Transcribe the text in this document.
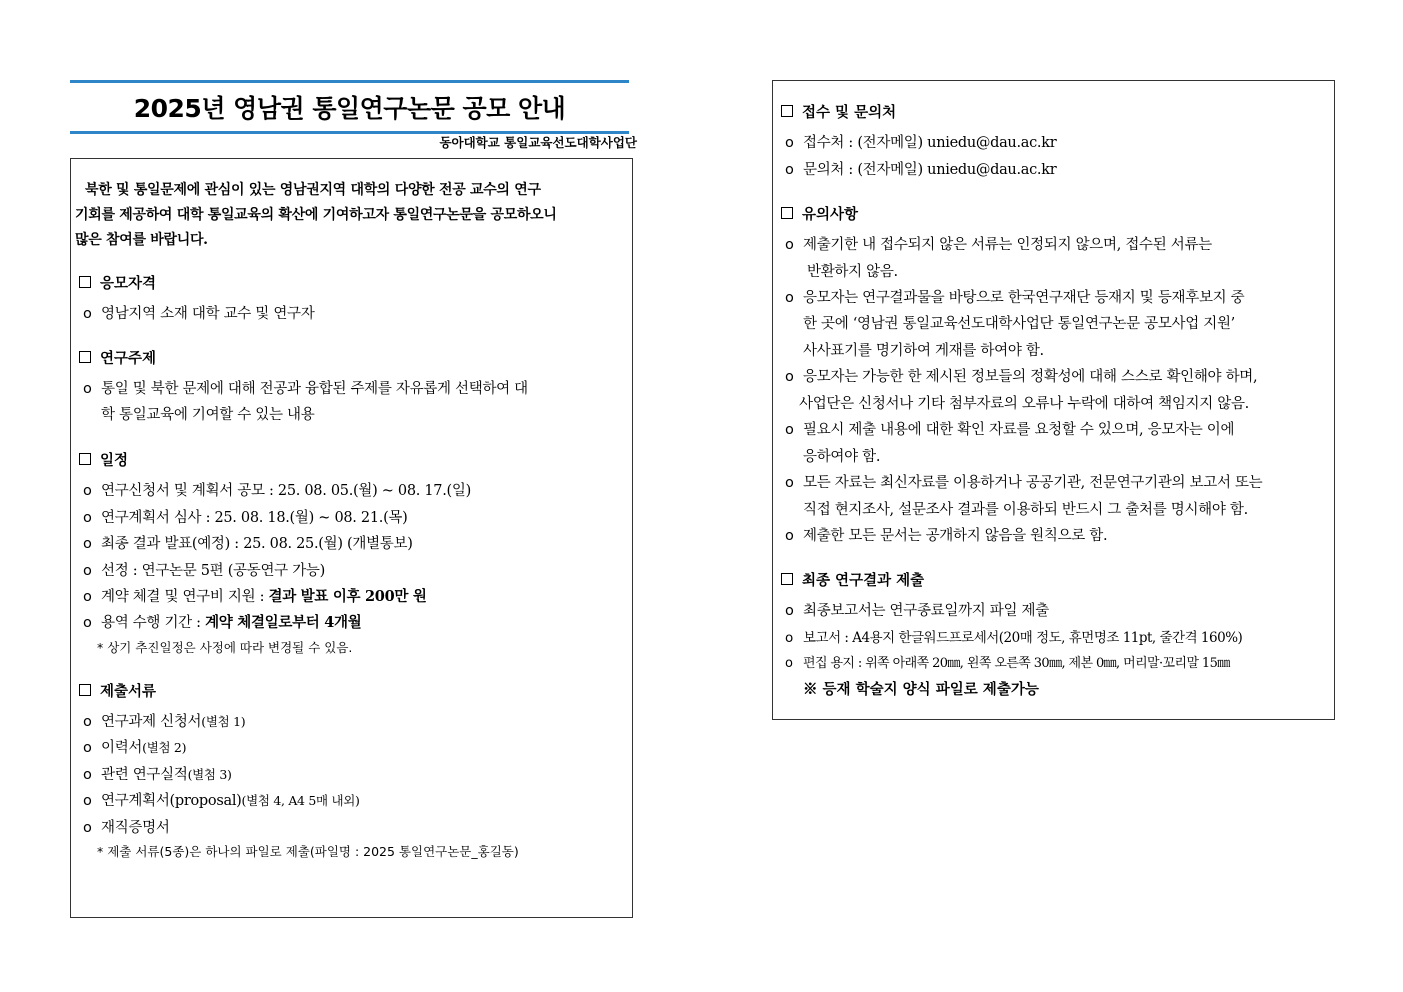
2025년 영남권 통일연구논문 공모 안내
동아대학교 통일교육선도대학사업단
북한 및 통일문제에 관심이 있는 영남권지역 대학의 다양한 전공 교수의 연구
기회를 제공하여 대학 통일교육의 확산에 기여하고자 통일연구논문을 공모하오니
많은 참여를 바랍니다.
응모자격
o 영남지역 소재 대학 교수 및 연구자
연구주제
o 통일 및 북한 문제에 대해 전공과 융합된 주제를 자유롭게 선택하여 대
학 통일교육에 기여할 수 있는 내용
일정
o 연구신청서 및 계획서 공모 : 25. 08. 05.(월) ~ 08. 17.(일)
o 연구계획서 심사 : 25. 08. 18.(월) ~ 08. 21.(목)
o 최종 결과 발표(예정) : 25. 08. 25.(월) (개별통보)
o 선정 : 연구논문 5편 (공동연구 가능)
o 계약 체결 및 연구비 지원 : 결과 발표 이후 200만 원
o 용역 수행 기간 : 계약 체결일로부터 4개월
* 상기 추진일정은 사정에 따라 변경될 수 있음.
제출서류
o 연구과제 신청서(별첨 1)
o 이력서(별첨 2)
o 관련 연구실적(별첨 3)
o 연구계획서(proposal)(별첨 4, A4 5매 내외)
o 재직증명서
* 제출 서류(5종)은 하나의 파일로 제출(파일명 : 2025 통일연구논문_홍길동)
접수 및 문의처
o 접수처 : (전자메일) uniedu@dau.ac.kr
o 문의처 : (전자메일) uniedu@dau.ac.kr
유의사항
o 제출기한 내 접수되지 않은 서류는 인정되지 않으며, 접수된 서류는
반환하지 않음.
o 응모자는 연구결과물을 바탕으로 한국연구재단 등재지 및 등재후보지 중
한 곳에 ‘영남권 통일교육선도대학사업단 통일연구논문 공모사업 지원’
사사표기를 명기하여 게재를 하여야 함.
o 응모자는 가능한 한 제시된 정보들의 정확성에 대해 스스로 확인해야 하며,
사업단은 신청서나 기타 첨부자료의 오류나 누락에 대하여 책임지지 않음.
o 필요시 제출 내용에 대한 확인 자료를 요청할 수 있으며, 응모자는 이에
응하여야 함.
o 모든 자료는 최신자료를 이용하거나 공공기관, 전문연구기관의 보고서 또는
직접 현지조사, 설문조사 결과를 이용하되 반드시 그 출처를 명시해야 함.
o 제출한 모든 문서는 공개하지 않음을 원칙으로 함.
최종 연구결과 제출
o 최종보고서는 연구종료일까지 파일 제출
o 보고서 : A4용지 한글워드프로세서(20매 정도, 휴먼명조 11pt, 줄간격 160%)
o 편집 용지 : 위쪽 아래쪽 20㎜, 왼쪽 오른쪽 30㎜, 제본 0㎜, 머리말·꼬리말 15㎜
※ 등재 학술지 양식 파일로 제출가능
